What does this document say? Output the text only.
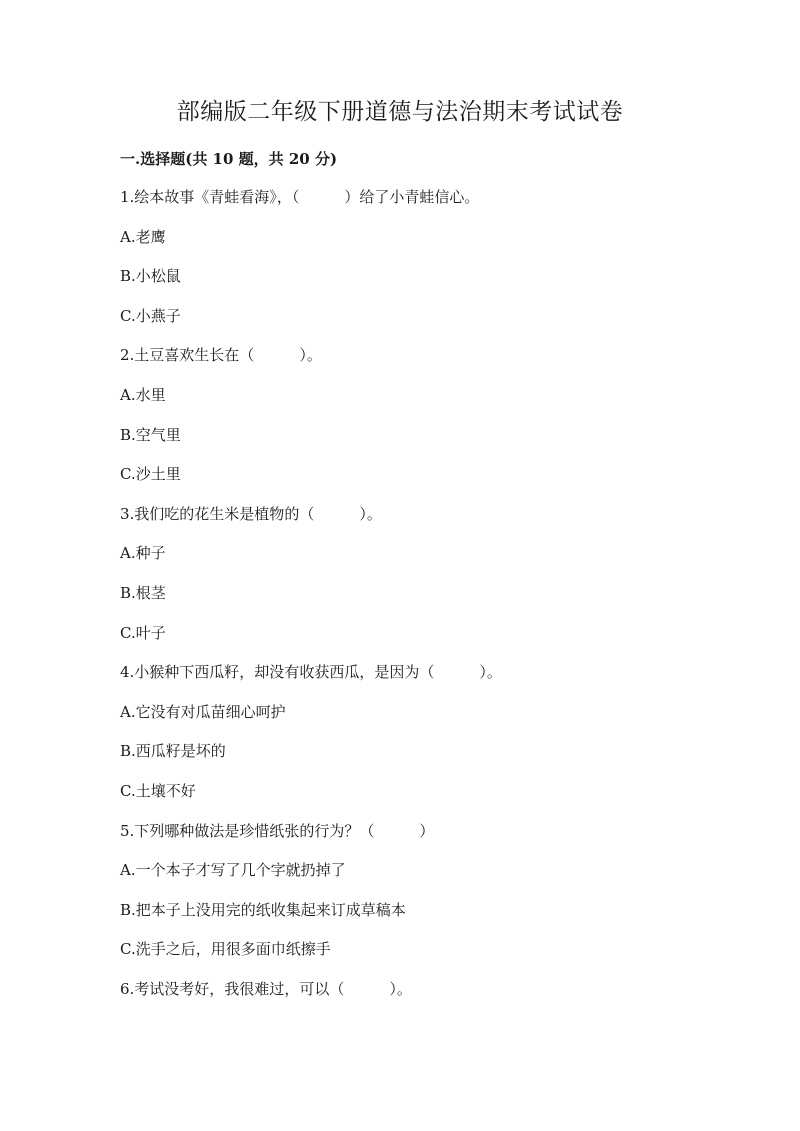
部编版二年级下册道德与法治期末考试试卷
一.选择题(共 10 题，共 20 分)
1.绘本故事《青蛙看海》，（　　　）给了小青蛙信心。
A.老鹰
B.小松鼠
C.小燕子
2.土豆喜欢生长在（　　　）。
A.水里
B.空气里
C.沙土里
3.我们吃的花生米是植物的（　　　）。
A.种子
B.根茎
C.叶子
4.小猴种下西瓜籽，却没有收获西瓜，是因为（　　　）。
A.它没有对瓜苗细心呵护
B.西瓜籽是坏的
C.土壤不好
5.下列哪种做法是珍惜纸张的行为？（　　　）
A.一个本子才写了几个字就扔掉了
B.把本子上没用完的纸收集起来订成草稿本
C.洗手之后，用很多面巾纸擦手
6.考试没考好，我很难过，可以（　　　）。
